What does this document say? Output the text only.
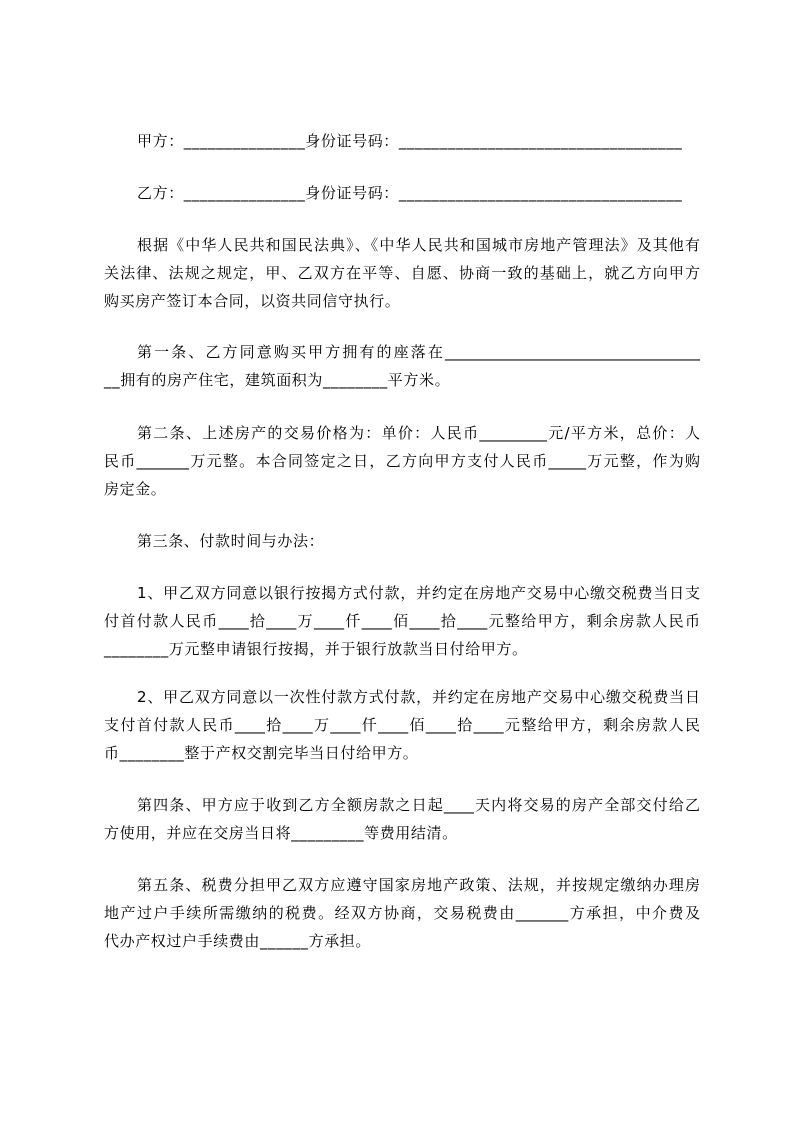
甲方：_______________身份证号码：___________________________________
乙方：_______________身份证号码：___________________________________
根据《中华人民共和国民法典》、《中华人民共和国城市房地产管理法》及其他有
关法律、法规之规定，甲、乙双方在平等、自愿、协商一致的基础上，就乙方向甲方
购买房产签订本合同，以资共同信守执行。
第一条、乙方同意购买甲方拥有的座落在__________________________________
__拥有的房产住宅，建筑面积为________平方米。
第二条、上述房产的交易价格为：单价：人民币_________元/平方米，总价：人
民币_______万元整。本合同签定之日，乙方向甲方支付人民币_____万元整，作为购
房定金。
第三条、付款时间与办法：
1、甲乙双方同意以银行按揭方式付款，并约定在房地产交易中心缴交税费当日支
付首付款人民币____拾____万____仟____佰____拾____元整给甲方，剩余房款人民币
________万元整申请银行按揭，并于银行放款当日付给甲方。
2、甲乙双方同意以一次性付款方式付款，并约定在房地产交易中心缴交税费当日
支付首付款人民币____拾____万____仟____佰____拾____元整给甲方，剩余房款人民
币________整于产权交割完毕当日付给甲方。
第四条、甲方应于收到乙方全额房款之日起____天内将交易的房产全部交付给乙
方使用，并应在交房当日将_________等费用结清。
第五条、税费分担甲乙双方应遵守国家房地产政策、法规，并按规定缴纳办理房
地产过户手续所需缴纳的税费。经双方协商，交易税费由_______方承担，中介费及
代办产权过户手续费由______方承担。
